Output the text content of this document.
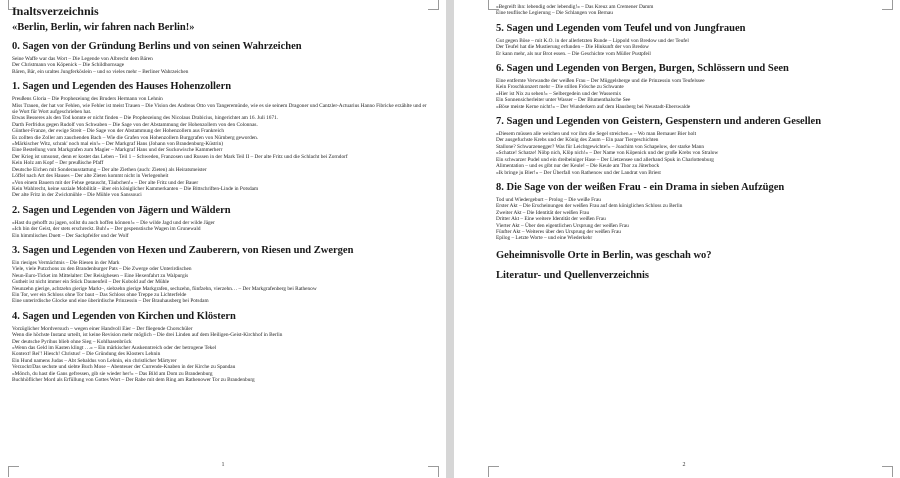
Inaltsverzeichnis
«Berlin, Berlin, wir fahren nach Berlin!»
0. Sagen von der Gründung Berlins und von seinen Wahrzeichen

Seine Waffe war das Wort – Die Legende von Albrecht dem Bären

Der Christmann von Köpenick – Die Schildhornsage

Bären, Bär, ein uraltes Jungferköslein – und so vieles mehr – Berliner Wahrzeichen

1. Sagen und Legenden des Hauses Hohenzollern

Preußens Gloria – Die Prophezeiung des Bruders Hermann von Lehnin

Miss Trauen, der hat vor Fehlen, wie Fehler ist meist Trauen – Die Vision des Andreas Otto von Tangeremünde, wie es sie seinem Dragoner und Cantzler-Actuarius Hanno Fibricke erzählte und er sie Wort für Wort aufgeschrieben hat.

Etwas Besseres als den Tod konnte er nicht finden – Die Prophezeiung des Nicolaus Drabicius, hingerichtet am 16. Juli 1671.

Darth Ferfridus gegen Rudolf von Schwaben – Die Sage von der Abstammung der Hohenzollern von den Colonnas.

Günther-Franze, der ewige Streit – Die Sage von der Abstammung der Hohenzollern aus Frankreich

Es zollten die Zoller am zauchenden Bach – Wie die Grafen von Hohenzollern Burggrafen von Nürnberg geworden.

«Märkischer Witz, schrak' noch mal ein!» – Der Markgraf Hans (Johann von Brandenburg-Küstrin)

Eine Bestellung vom Markgrafen zum Magier – Markgraf Hans und der Suckowische Kammerherr

Der Krieg ist umsonst, denn er kostet das Leben – Teil 1 – Schweden, Franzosen und Russen in der Mark Teil II – Der alte Fritz und die Schlacht bei Zorndorf

Kein Holz am Kopf – Der preußische Pfaff

Deutsche Eichen mit Sonderausstattung – Der alte Ziethen (auch: Zieten) als Heiratsmeister

Löffel nach Art des Hauses – Der alte Zieten kommt nicht in Verlegenheit

«Von einem Bauern mit der Fehse getauscht, Täubchen!» – Der alte Fritz und der Bauer

Kein Wahlrecht, keine soziale Mobilität – über ein königlicher Kammerkanten – Die Bittschriften-Linde in Potsdam

Der alte Fritz in der Zwickmühle – Die Mühle von Sanssouci

2. Sagen und Legenden von Jägern und Wäldern

«Hast du gehofft zu jagen, sollst du auch hoffen können!» – Die wilde Jagd und der wilde Jäger

«Ich bin der Geist, der stets erschreckt. Buh!» – Der gespenstische Wagen im Grunewald

Ein himmlisches Duett – Der Sackpfeifer und der Wolf

3. Sagen und Legenden von Hexen und Zauberern, von Riesen und Zwergen

Ein riesiges Vermächtnis – Die Riesen in der Mark

Viele, viele Putzchons zu den Brandenburger Pats – Die Zwerge oder Unterirdischen

Neun-Euro-Ticket im Mittelalter: Der Reisighesen – Eine Hexenfahrt zu Walpurgis

Gutheit ist nicht immer ein Stück Daunenfeil – Der Kobold auf der Mühle

Neunzehn gierige, achtzehn gierige Markt–, siebzehn gierige Markgrafen, sechzehn, fünfzehn, vierzehn… – Der Markgrafenberg bei Rathenow

Ein Tor, wer ein Schloss ohne Tor baut – Das Schloss ohne Treppe zu Lichterfelde

Eine unterirdische Glocke und eine überirdische Prinzessin – Der Brauhausberg bei Potsdam

4. Sagen und Legenden von Kirchen und Klöstern

Vorzüglicher Mordversuch – wegen einer Handvoll Eier – Der fliegende Chorschüler

Wenn die höchste Instanz urteilt, ist keine Revision mehr möglich – Die drei Linden auf dem Heiligen-Geist-Kirchhof in Berlin

Der deutsche Pyrihus blieb ohne Sieg – Kohlhasenbrück

«Wenn das Geld im Kasten klingt …» – Ein märkischer Auskenntreich oder der betrogene Tekel

Kontext! Rei'! Hiesch! Christus! – Die Gründung des Klosters Lehnin

Ein Hund namens Judas – Abt Sebaldus von Lehnin, ein christlicher Märtyrer

Verzockt/Das sechste und siebte Buch Mose – Abenteuer der Currende-Knaben in der Kirche zu Spandau

«Mönch, du hast die Gans gefressen, gib sie wieder her!» – Das Bild am Dom zu Brandenburg

Buchhöflicher Mord als Erfüllung von Gottes Wort – Der Rabe mit dem Ring am Rathenower Tor zu Brandenburg

1

«Begreift ihn: lebendig oder lebendig!» – Das Kreuz am Cremener Damm

Eine teuflische Legierung – Die Schlangen von Bernau

5. Sagen und Legenden vom Teufel und von Jungfrauen

Gut gegen Böse – mit K.O. in der allerletzten Runde – Lippold von Bredow und der Teufel

Der Teufel hat die Mustierung erfunden – Die Hinkunft der von Bredow

Er kann mehr, als nur Brot essen. – Die Geschichte vom Müller Pustpfeil

6. Sagen und Legenden von Bergen, Burgen, Schlössern und Seen

Eine entfernte Verwandte der weißen Frau – Der Müggelsberge und die Prinzessin vom Teufelssee

Kein Froschkonzert mehr – Die stillen Frösche zu Schwante

«Hier ist Nix zu sehen!» – Selbergedein und der Wassernix

Ein Sonnensicherleiter unter Wasser – Der Blumenthalsche See

«Böse meiste Kerne nicht!» – Der Wunderkern auf dem Hausberg bei Neustadt-Eberswalde

7. Sagen und Legenden von Geistern, Gespenstern und anderen Gesellen

«Diesem müssen alle weichen und vor ihm die Segel streichen.» – Wo man Bernauer Bier holt

Der ausgefuchste Krebs und der König des Zaum – Ein paar Tiergeschichten

Stallone? Schwarzenegger? Was für Leichtgewichte!» – Joachim von Schapelow, der starke Mann

«Schatze! Schatze! Nöbp nich, Klöp nich!» – Der Name von Köpenick und der große Krebs von Stralow

Ein schwarzer Pudel und ein dreibeiniger Hase – Der Lietzensee und allerhand Spuk in Charlottenburg

Alimentation – und es gibt nur der Keule! – Die Keule am Thor zu Jüterbock

«Ik bringe ju Bier!» – Der Überfall von Rathenow und der Landrat von Briest

8. Die Sage von der weißen Frau - ein Drama in sieben Aufzügen

Tod und Wiedergeburt – Prolog – Die weiße Frau

Erster Akt – Die Erscheinungen der weißen Frau auf dem königlichen Schloss zu Berlin

Zweiter Akt – Die Identität der weißen Frau

Dritter Akt – Eine weitere Identität der weißen Frau

Vierter Akt – Über den eigentlichen Ursprung der weißen Frau

Fünfter Akt – Weiteres über den Ursprung der weißen Frau

Epilog – Letzte Worte – und eine Wiederkehr

Geheimnisvolle Orte in Berlin, was geschah wo?
Literatur- und Quellenverzeichnis
2
